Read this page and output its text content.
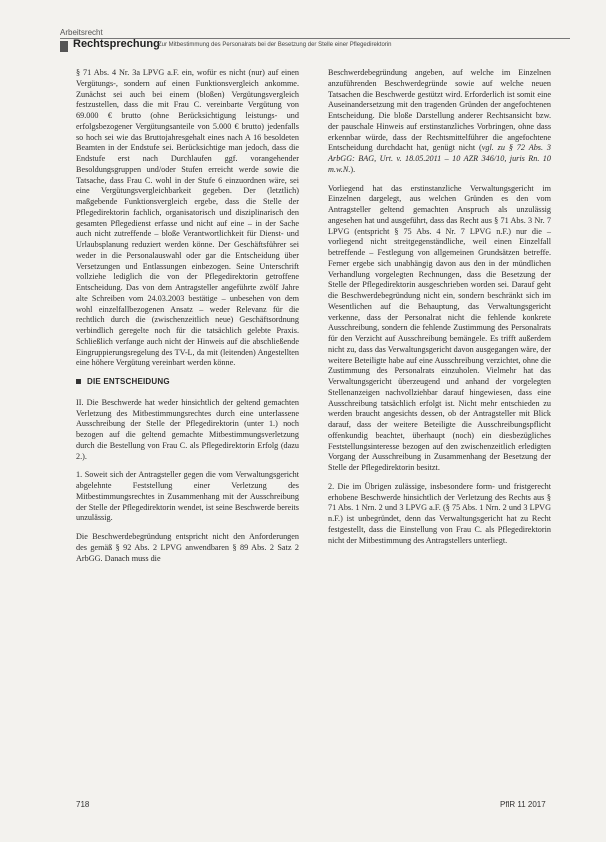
Arbeitsrecht
Rechtsprechung
Zur Mitbestimmung des Personalrats bei der Besetzung der Stelle einer Pflegedirektorin

§ 71 Abs. 4 Nr. 3a LPVG a.F. ein, wofür es nicht (nur) auf einen Vergütungs-, sondern auf einen Funktionsvergleich ankomme. Zunächst sei auch bei einem (bloßen) Vergütungsvergleich festzustellen, dass die mit Frau C. vereinbarte Vergütung von 69.000 € brutto (ohne Berücksichtigung leistungs- und erfolgsbezogener Vergütungsanteile von 5.000 € brutto) jedenfalls so hoch sei wie das Bruttojahresgehalt eines nach A 16 besoldeten Beamten in der Endstufe sei. Berücksichtige man jedoch, dass die Endstufe erst nach Durchlaufen ggf. vorangehender Besoldungsgruppen und/oder Stufen erreicht werde sowie die Tatsache, dass Frau C. wohl in der Stufe 6 einzuordnen wäre, sei eine Vergütungsvergleichbarkeit gegeben. Der (letztlich) maßgebende Funktionsvergleich ergebe, dass die Stelle der Pflegedirektorin fachlich, organisatorisch und disziplinarisch den gesamten Pflegedienst erfasse und nicht auf eine – in der Sache auch nicht zutreffende – bloße Verantwortlichkeit für Dienst- und Urlaubsplanung reduziert werden könne. Der Geschäftsführer sei weder in die Personalauswahl oder gar die Entscheidung über Versetzungen und Entlassungen einbezogen. Seine Unterschrift vollziehe lediglich die von der Pflegedirektorin getroffene Entscheidung. Das von dem Antragsteller angeführte zwölf Jahre alte Schreiben vom 24.03.2003 bestätige – unbesehen von dem wohl einzelfallbezogenen Ansatz – weder Relevanz für die rechtlich durch die (zwischenzeitlich neue) Geschäftsordnung verbindlich geregelte noch für die tatsächlich gelebte Praxis. Schließlich verfange auch nicht der Hinweis auf die abschließende Eingruppierungsregelung des TV-L, da mit (leitenden) Angestellten eine höhere Vergütung vereinbart werden könne.

DIE ENTSCHEIDUNG

II. Die Beschwerde hat weder hinsichtlich der geltend gemachten Verletzung des Mitbestimmungsrechtes durch eine unterlassene Ausschreibung der Stelle der Pflegedirektorin (unter 1.) noch bezogen auf die geltend gemachte Mitbestimmungsverletzung durch die Bestellung von Frau C. als Pflegedirektorin Erfolg (dazu 2.).

1. Soweit sich der Antragsteller gegen die vom Verwaltungsgericht abgelehnte Feststellung einer Verletzung des Mitbestimmungsrechtes in Zusammenhang mit der Ausschreibung der Stelle der Pflegedirektorin wendet, ist seine Beschwerde bereits unzulässig.

Die Beschwerdebegründung entspricht nicht den Anforderungen des gemäß § 92 Abs. 2 LPVG anwendbaren § 89 Abs. 2 Satz 2 ArbGG. Danach muss die

Beschwerdebegründung angeben, auf welche im Einzelnen anzuführenden Beschwerdegründe sowie auf welche neuen Tatsachen die Beschwerde gestützt wird. Erforderlich ist somit eine Auseinandersetzung mit den tragenden Gründen der angefochtenen Entscheidung. Die bloße Darstellung anderer Rechtsansicht bzw. der pauschale Hinweis auf erstinstanzliches Vorbringen, ohne dass erkennbar würde, dass der Rechtsmittelführer die angefochtene Entscheidung durchdacht hat, genügt nicht (vgl. zu § 72 Abs. 3 ArbGG: BAG, Urt. v. 18.05.2011 – 10 AZR 346/10, juris Rn. 10 m.w.N.).

Vorliegend hat das erstinstanzliche Verwaltungsgericht im Einzelnen dargelegt, aus welchen Gründen es den vom Antragsteller geltend gemachten Anspruch als unzulässig angesehen hat und ausgeführt, dass das Recht aus § 71 Abs. 3 Nr. 7 LPVG (entspricht § 75 Abs. 4 Nr. 7 LPVG n.F.) nur die – vorliegend nicht streitgegenständliche, weil einen Einzelfall betreffende – Festlegung von allgemeinen Grundsätzen betreffe. Ferner ergebe sich unabhängig davon aus den in der mündlichen Verhandlung vorgelegten Rechnungen, dass die Besetzung der Stelle der Pflegedirektorin ausgeschrieben worden sei. Darauf geht die Beschwerdebegründung nicht ein, sondern beschränkt sich im Wesentlichen auf die Behauptung, das Verwaltungsgericht verkenne, dass der Personalrat nicht die fehlende konkrete Ausschreibung, sondern die fehlende Zustimmung des Personalrats für den Verzicht auf Ausschreibung bemängele. Es trifft außerdem nicht zu, dass das Verwaltungsgericht davon ausgegangen wäre, der weitere Beteiligte habe auf eine Ausschreibung verzichtet, ohne die Zustimmung des Personalrats einzuholen. Vielmehr hat das Verwaltungsgericht überzeugend und anhand der vorgelegten Stellenanzeigen nachvollziehbar darauf hingewiesen, dass eine Ausschreibung tatsächlich erfolgt ist. Nicht mehr entschieden zu werden braucht angesichts dessen, ob der Antragsteller mit Blick darauf, dass der weitere Beteiligte die Ausschreibungspflicht offenkundig beachtet, überhaupt (noch) ein diesbezügliches Feststellungsinteresse bezogen auf den zwischenzeitlich erledigten Vorgang der Ausschreibung in Zusammenhang der Besetzung der Stelle der Pflegedirektorin besitzt.

2. Die im Übrigen zulässige, insbesondere form- und fristgerecht erhobene Beschwerde hinsichtlich der Verletzung des Rechts aus § 71 Abs. 1 Nrn. 2 und 3 LPVG a.F. (§ 75 Abs. 1 Nrn. 2 und 3 LPVG n.F.) ist unbegründet, denn das Verwaltungsgericht hat zu Recht festgestellt, dass die Einstellung von Frau C. als Pflegedirektorin nicht der Mitbestimmung des Antragstellers unterliegt.

718	PflR 11 2017
